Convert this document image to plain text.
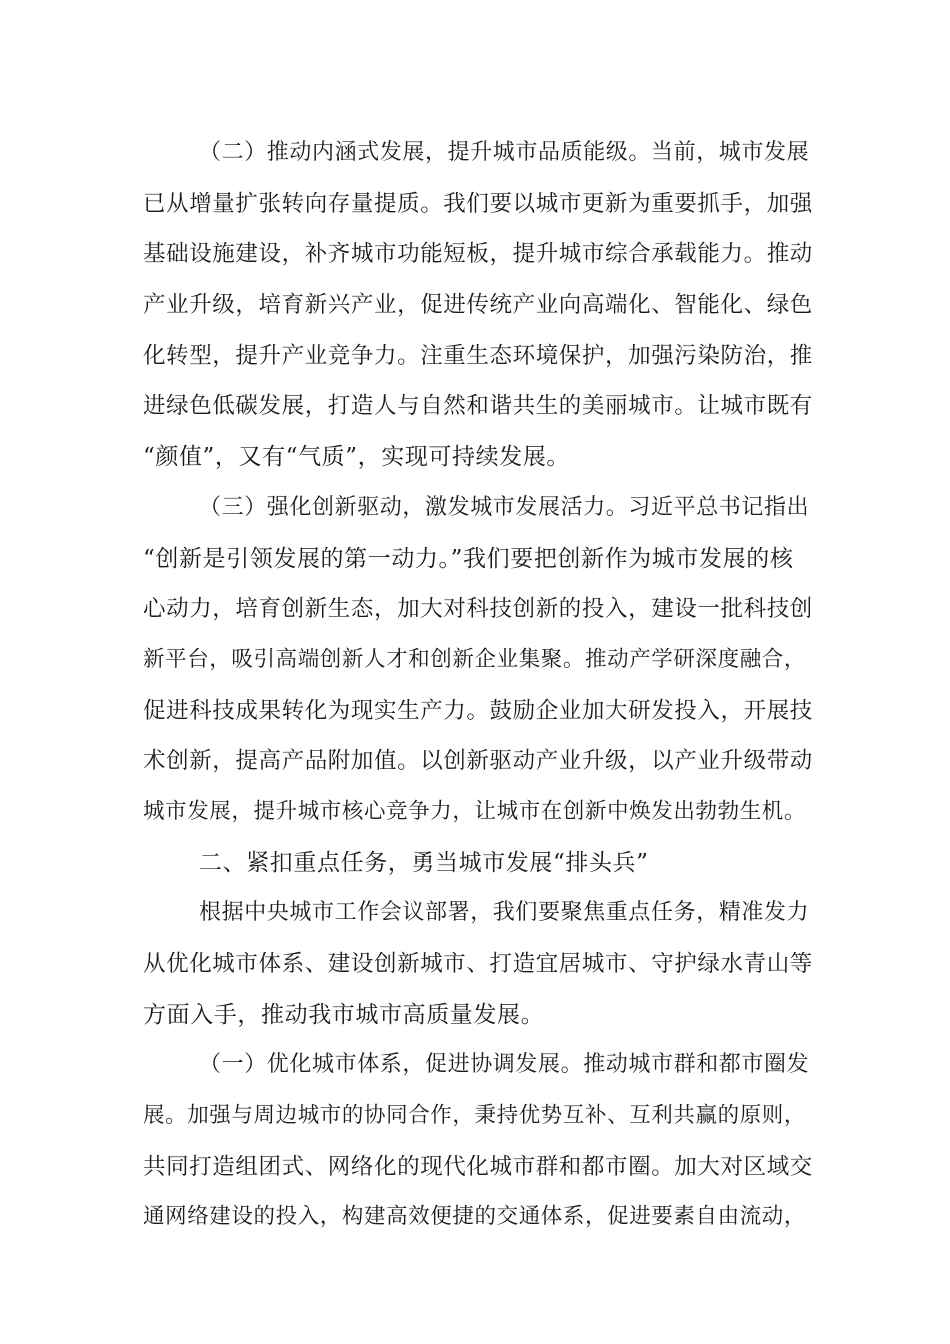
（二）推动内涵式发展，提升城市品质能级。当前，城市发展
已从增量扩张转向存量提质。我们要以城市更新为重要抓手，加强
基础设施建设，补齐城市功能短板，提升城市综合承载能力。推动
产业升级，培育新兴产业，促进传统产业向高端化、智能化、绿色
化转型，提升产业竞争力。注重生态环境保护，加强污染防治，推
进绿色低碳发展，打造人与自然和谐共生的美丽城市。让城市既有
“颜值”，又有“气质”，实现可持续发展。
（三）强化创新驱动，激发城市发展活力。习近平总书记指出
“创新是引领发展的第一动力。”我们要把创新作为城市发展的核
心动力，培育创新生态，加大对科技创新的投入，建设一批科技创
新平台，吸引高端创新人才和创新企业集聚。推动产学研深度融合，
促进科技成果转化为现实生产力。鼓励企业加大研发投入，开展技
术创新，提高产品附加值。以创新驱动产业升级，以产业升级带动
城市发展，提升城市核心竞争力，让城市在创新中焕发出勃勃生机。
二、紧扣重点任务，勇当城市发展“排头兵”
根据中央城市工作会议部署，我们要聚焦重点任务，精准发力
从优化城市体系、建设创新城市、打造宜居城市、守护绿水青山等
方面入手，推动我市城市高质量发展。
（一）优化城市体系，促进协调发展。推动城市群和都市圈发
展。加强与周边城市的协同合作，秉持优势互补、互利共赢的原则，
共同打造组团式、网络化的现代化城市群和都市圈。加大对区域交
通网络建设的投入，构建高效便捷的交通体系，促进要素自由流动，
